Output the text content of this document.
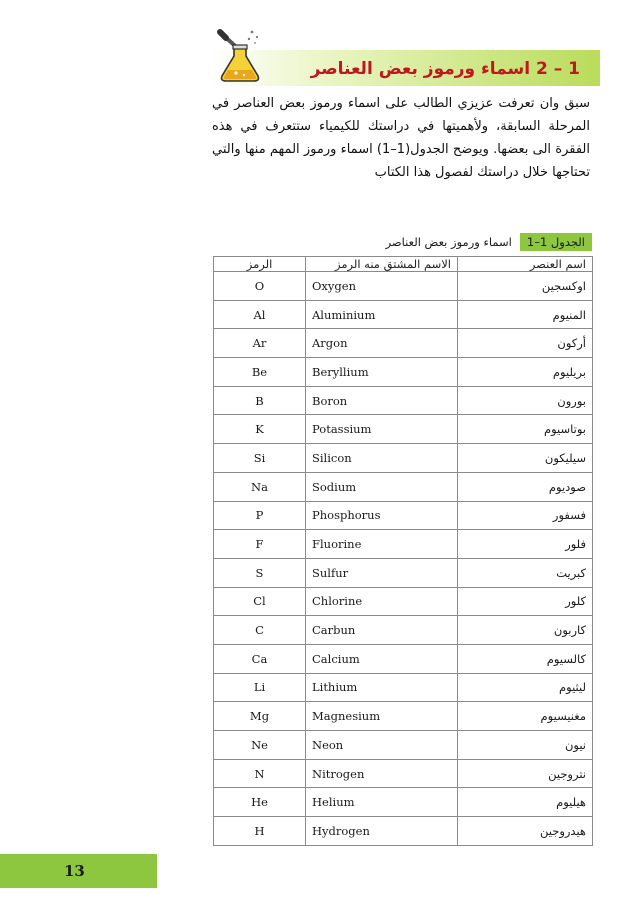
1 – 2 اسماء ورموز بعض العناصر
سبق وان تعرفت عزيزي الطالب على اسماء ورموز بعض العناصر في المرحلة السابقة، ولأهميتها في دراستك للكيمياء ستتعرف في هذه الفقرة الى بعضها. ويوضح الجدول(1–1) اسماء ورموز المهم منها والتي تحتاجها خلال دراستك لفصول هذا الكتاب
الجدول 1–1
اسماء ورموز بعض العناصر
الرمز	الاسم المشتق منه الرمز	اسم العنصر
O	Oxygen	اوكسجين
Al	Aluminium	المنيوم
Ar	Argon	أركون
Be	Beryllium	بريليوم
B	Boron	بورون
K	Potassium	بوتاسيوم
Si	Silicon	سيليكون
Na	Sodium	صوديوم
P	Phosphorus	فسفور
F	Fluorine	فلور
S	Sulfur	كبريت
Cl	Chlorine	كلور
C	Carbun	كاربون
Ca	Calcium	كالسيوم
Li	Lithium	ليثيوم
Mg	Magnesium	مغنيسيوم
Ne	Neon	نيون
N	Nitrogen	نتروجين
He	Helium	هيليوم
H	Hydrogen	هيدروجين
13
